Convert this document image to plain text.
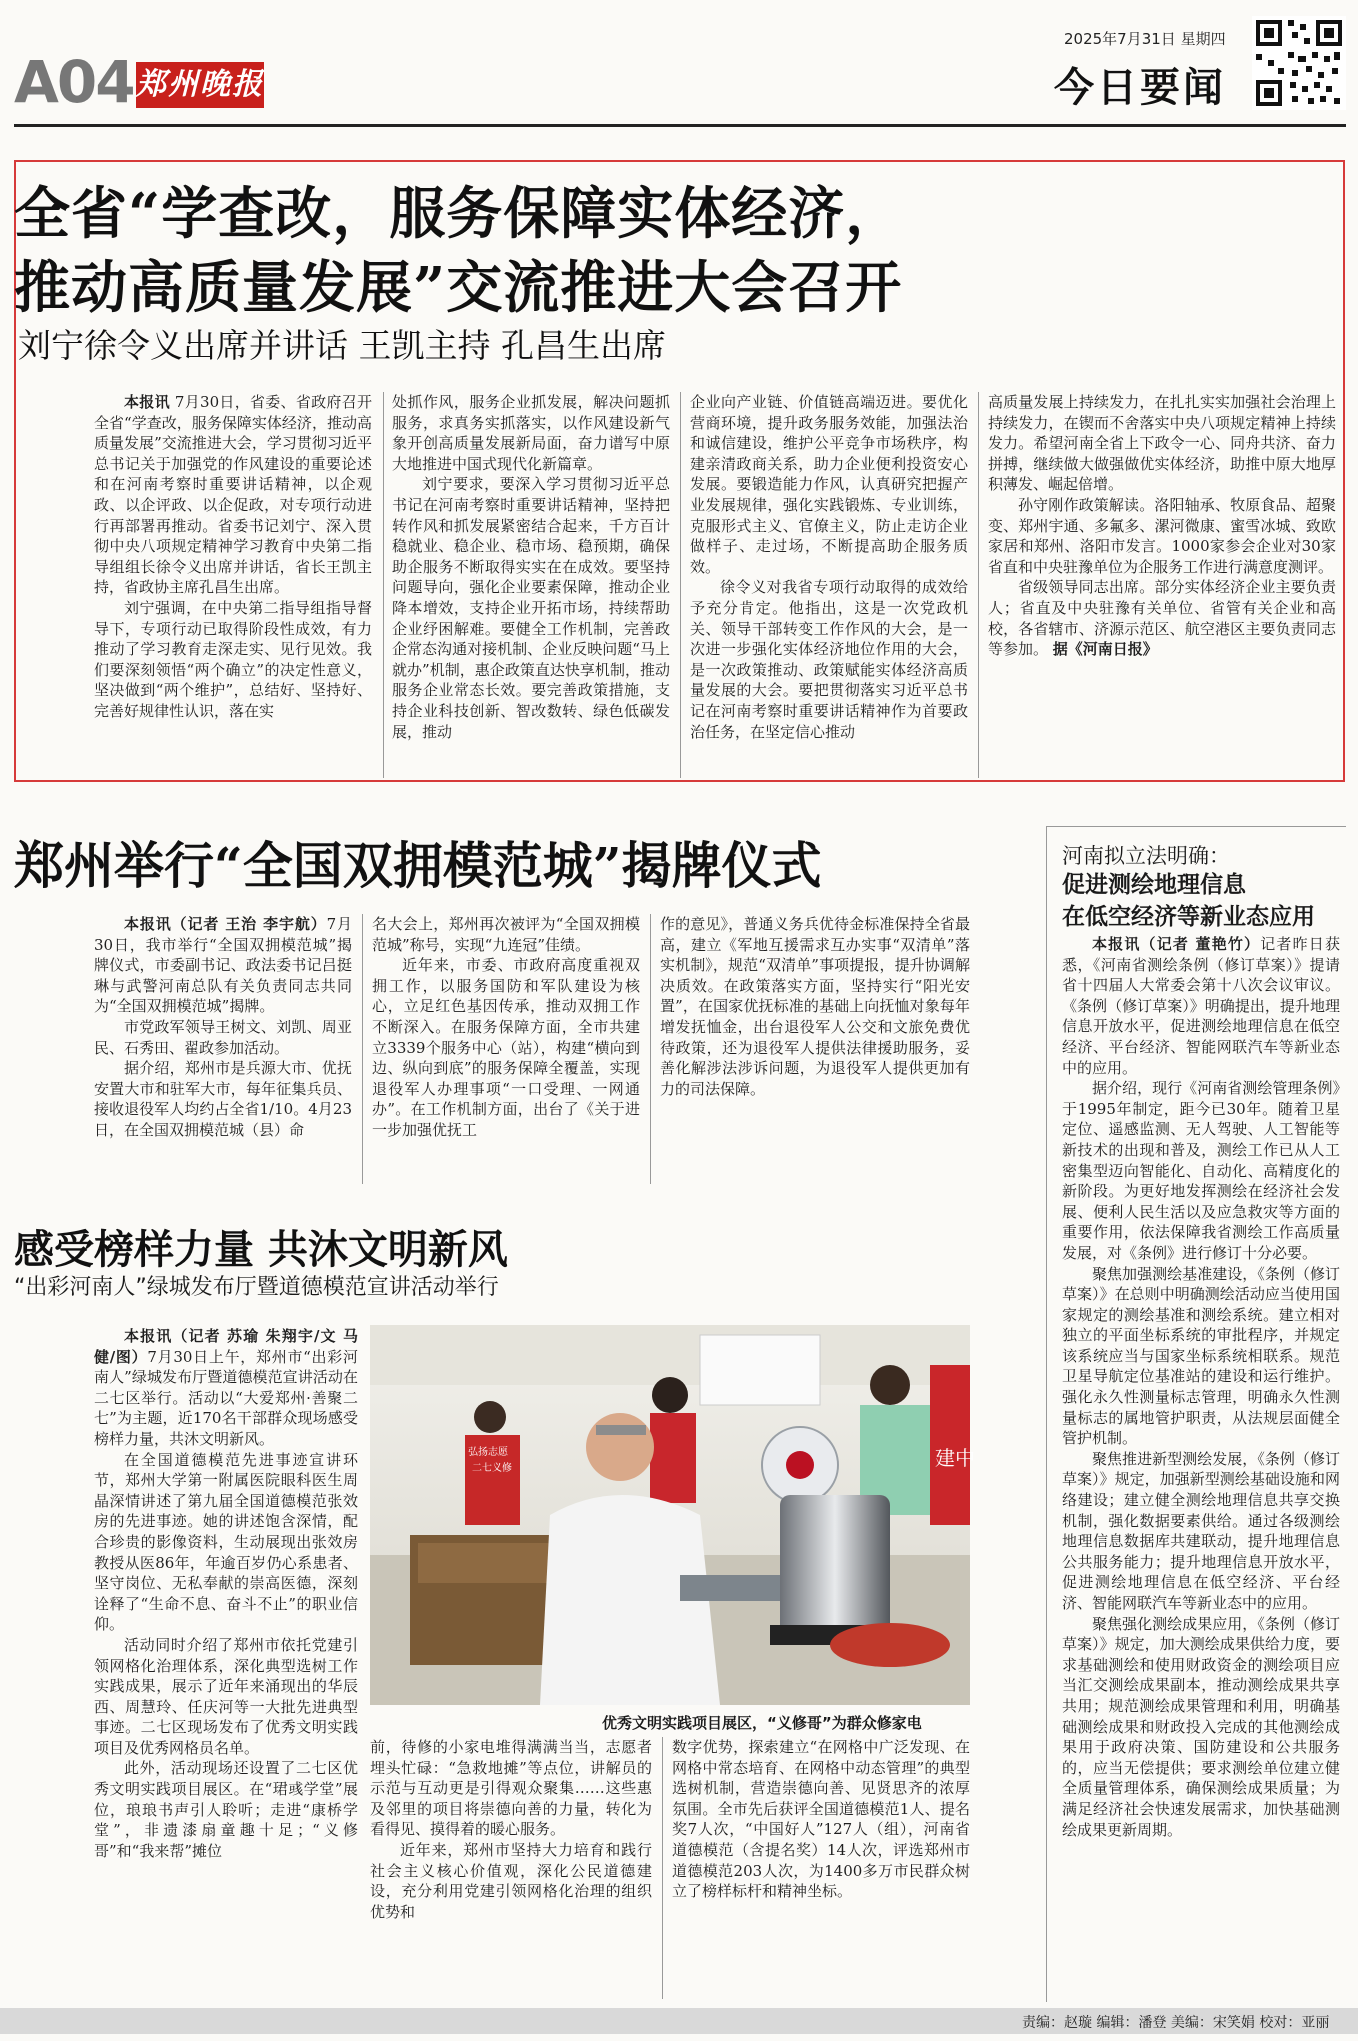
A04 郑州晚报
2025年7月31日 星期四
今日要闻
全省“学查改，服务保障实体经济，
推动高质量发展”交流推进大会召开
刘宁徐令义出席并讲话 王凯主持 孔昌生出席

本报讯 7月30日，省委、省政府召开全省“学查改，服务保障实体经济，推动高质量发展”交流推进大会，学习贯彻习近平总书记关于加强党的作风建设的重要论述和在河南考察时重要讲话精神，以企观政、以企评政、以企促政，对专项行动进行再部署再推动。省委书记刘宁、深入贯彻中央八项规定精神学习教育中央第二指导组组长徐令义出席并讲话，省长王凯主持，省政协主席孔昌生出席。

刘宁强调，在中央第二指导组指导督导下，专项行动已取得阶段性成效，有力推动了学习教育走深走实、见行见效。我们要深刻领悟“两个确立”的决定性意义，坚决做到“两个维护”，总结好、坚持好、完善好规律性认识，落在实

处抓作风，服务企业抓发展，解决问题抓服务，求真务实抓落实，以作风建设新气象开创高质量发展新局面，奋力谱写中原大地推进中国式现代化新篇章。

刘宁要求，要深入学习贯彻习近平总书记在河南考察时重要讲话精神，坚持把转作风和抓发展紧密结合起来，千方百计稳就业、稳企业、稳市场、稳预期，确保助企服务不断取得实实在在成效。要坚持问题导向，强化企业要素保障，推动企业降本增效，支持企业开拓市场，持续帮助企业纾困解难。要健全工作机制，完善政企常态沟通对接机制、企业反映问题“马上就办”机制，惠企政策直达快享机制，推动服务企业常态长效。要完善政策措施，支持企业科技创新、智改数转、绿色低碳发展，推动

企业向产业链、价值链高端迈进。要优化营商环境，提升政务服务效能，加强法治和诚信建设，维护公平竞争市场秩序，构建亲清政商关系，助力企业便利投资安心发展。要锻造能力作风，认真研究把握产业发展规律，强化实践锻炼、专业训练，克服形式主义、官僚主义，防止走访企业做样子、走过场，不断提高助企服务质效。

徐令义对我省专项行动取得的成效给予充分肯定。他指出，这是一次党政机关、领导干部转变工作作风的大会，是一次进一步强化实体经济地位作用的大会，是一次政策推动、政策赋能实体经济高质量发展的大会。要把贯彻落实习近平总书记在河南考察时重要讲话精神作为首要政治任务，在坚定信心推动

高质量发展上持续发力，在扎扎实实加强社会治理上持续发力，在锲而不舍落实中央八项规定精神上持续发力。希望河南全省上下政令一心、同舟共济、奋力拼搏，继续做大做强做优实体经济，助推中原大地厚积薄发、崛起倍增。

孙守刚作政策解读。洛阳轴承、牧原食品、超聚变、郑州宇通、多氟多、漯河微康、蜜雪冰城、致欧家居和郑州、洛阳市发言。1000家参会企业对30家省直和中央驻豫单位为企服务工作进行满意度测评。

省级领导同志出席。部分实体经济企业主要负责人；省直及中央驻豫有关单位、省管有关企业和高校，各省辖市、济源示范区、航空港区主要负责同志等参加。 据《河南日报》

郑州举行“全国双拥模范城”揭牌仪式

本报讯（记者 王治 李宇航）7月30日，我市举行“全国双拥模范城”揭牌仪式，市委副书记、政法委书记吕挺琳与武警河南总队有关负责同志共同为“全国双拥模范城”揭牌。

市党政军领导王树文、刘凯、周亚民、石秀田、翟政参加活动。

据介绍，郑州市是兵源大市、优抚安置大市和驻军大市，每年征集兵员、接收退役军人均约占全省1/10。4月23日，在全国双拥模范城（县）命

名大会上，郑州再次被评为“全国双拥模范城”称号，实现“九连冠”佳绩。

近年来，市委、市政府高度重视双拥工作，以服务国防和军队建设为核心，立足红色基因传承，推动双拥工作不断深入。在服务保障方面，全市共建立3339个服务中心（站），构建“横向到边、纵向到底”的服务保障全覆盖，实现退役军人办理事项“一口受理、一网通办”。在工作机制方面，出台了《关于进一步加强优抚工

作的意见》，普通义务兵优待金标准保持全省最高，建立《军地互援需求互办实事“双清单”落实机制》，规范“双清单”事项提报，提升协调解决质效。在政策落实方面，坚持实行“阳光安置”，在国家优抚标准的基础上向抚恤对象每年增发抚恤金，出台退役军人公交和文旅免费优待政策，还为退役军人提供法律援助服务，妥善化解涉法涉诉问题，为退役军人提供更加有力的司法保障。

感受榜样力量 共沐文明新风
“出彩河南人”绿城发布厅暨道德模范宣讲活动举行

本报讯（记者 苏瑜 朱翔宇/文 马健/图）7月30日上午，郑州市“出彩河南人”绿城发布厅暨道德模范宣讲活动在二七区举行。活动以“大爱郑州·善聚二七”为主题，近170名干部群众现场感受榜样力量，共沐文明新风。

在全国道德模范先进事迹宣讲环节，郑州大学第一附属医院眼科医生周晶深情讲述了第九届全国道德模范张效房的先进事迹。她的讲述饱含深情，配合珍贵的影像资料，生动展现出张效房教授从医86年，年逾百岁仍心系患者、坚守岗位、无私奉献的崇高医德，深刻诠释了“生命不息、奋斗不止”的职业信仰。

活动同时介绍了郑州市依托党建引领网格化治理体系，深化典型选树工作实践成果，展示了近年来涌现出的华辰西、周慧玲、任庆河等一大批先进典型事迹。二七区现场发布了优秀文明实践项目及优秀网格员名单。

此外，活动现场还设置了二七区优秀文明实践项目展区。在“珺彧学堂”展位，琅琅书声引人聆听；走进“康桥学堂”，非遗漆扇童趣十足；“义修哥”和“我来帮”摊位

建中
弘扬志愿
二七义修
优秀文明实践项目展区，“义修哥”为群众修家电

前，待修的小家电堆得满满当当，志愿者埋头忙碌：“急救地摊”等点位，讲解员的示范与互动更是引得观众聚集……这些惠及邻里的项目将崇德向善的力量，转化为看得见、摸得着的暖心服务。

近年来，郑州市坚持大力培育和践行社会主义核心价值观，深化公民道德建设，充分利用党建引领网格化治理的组织优势和

数字优势，探索建立“在网格中广泛发现、在网格中常态培育、在网格中动态管理”的典型选树机制，营造崇德向善、见贤思齐的浓厚氛围。全市先后获评全国道德模范1人、提名奖7人次，“中国好人”127人（组），河南省道德模范（含提名奖）14人次，评选郑州市道德模范203人次，为1400多万市民群众树立了榜样标杆和精神坐标。

河南拟立法明确：
促进测绘地理信息
在低空经济等新业态应用

本报讯（记者 董艳竹）记者昨日获悉，《河南省测绘条例（修订草案）》提请省十四届人大常委会第十八次会议审议。《条例（修订草案）》明确提出，提升地理信息开放水平，促进测绘地理信息在低空经济、平台经济、智能网联汽车等新业态中的应用。

据介绍，现行《河南省测绘管理条例》于1995年制定，距今已30年。随着卫星定位、遥感监测、无人驾驶、人工智能等新技术的出现和普及，测绘工作已从人工密集型迈向智能化、自动化、高精度化的新阶段。为更好地发挥测绘在经济社会发展、便利人民生活以及应急救灾等方面的重要作用，依法保障我省测绘工作高质量发展，对《条例》进行修订十分必要。

聚焦加强测绘基准建设，《条例（修订草案）》在总则中明确测绘活动应当使用国家规定的测绘基准和测绘系统。建立相对独立的平面坐标系统的审批程序，并规定该系统应当与国家坐标系统相联系。规范卫星导航定位基准站的建设和运行维护。强化永久性测量标志管理，明确永久性测量标志的属地管护职责，从法规层面健全管护机制。

聚焦推进新型测绘发展，《条例（修订草案）》规定，加强新型测绘基础设施和网络建设；建立健全测绘地理信息共享交换机制，强化数据要素供给。通过各级测绘地理信息数据库共建联动，提升地理信息公共服务能力；提升地理信息开放水平，促进测绘地理信息在低空经济、平台经济、智能网联汽车等新业态中的应用。

聚焦强化测绘成果应用，《条例（修订草案）》规定，加大测绘成果供给力度，要求基础测绘和使用财政资金的测绘项目应当汇交测绘成果副本，推动测绘成果共享共用；规范测绘成果管理和利用，明确基础测绘成果和财政投入完成的其他测绘成果用于政府决策、国防建设和公共服务的，应当无偿提供；要求测绘单位建立健全质量管理体系，确保测绘成果质量；为满足经济社会快速发展需求，加快基础测绘成果更新周期。

责编：赵璇 编辑：潘登 美编：宋笑娟 校对：亚丽
